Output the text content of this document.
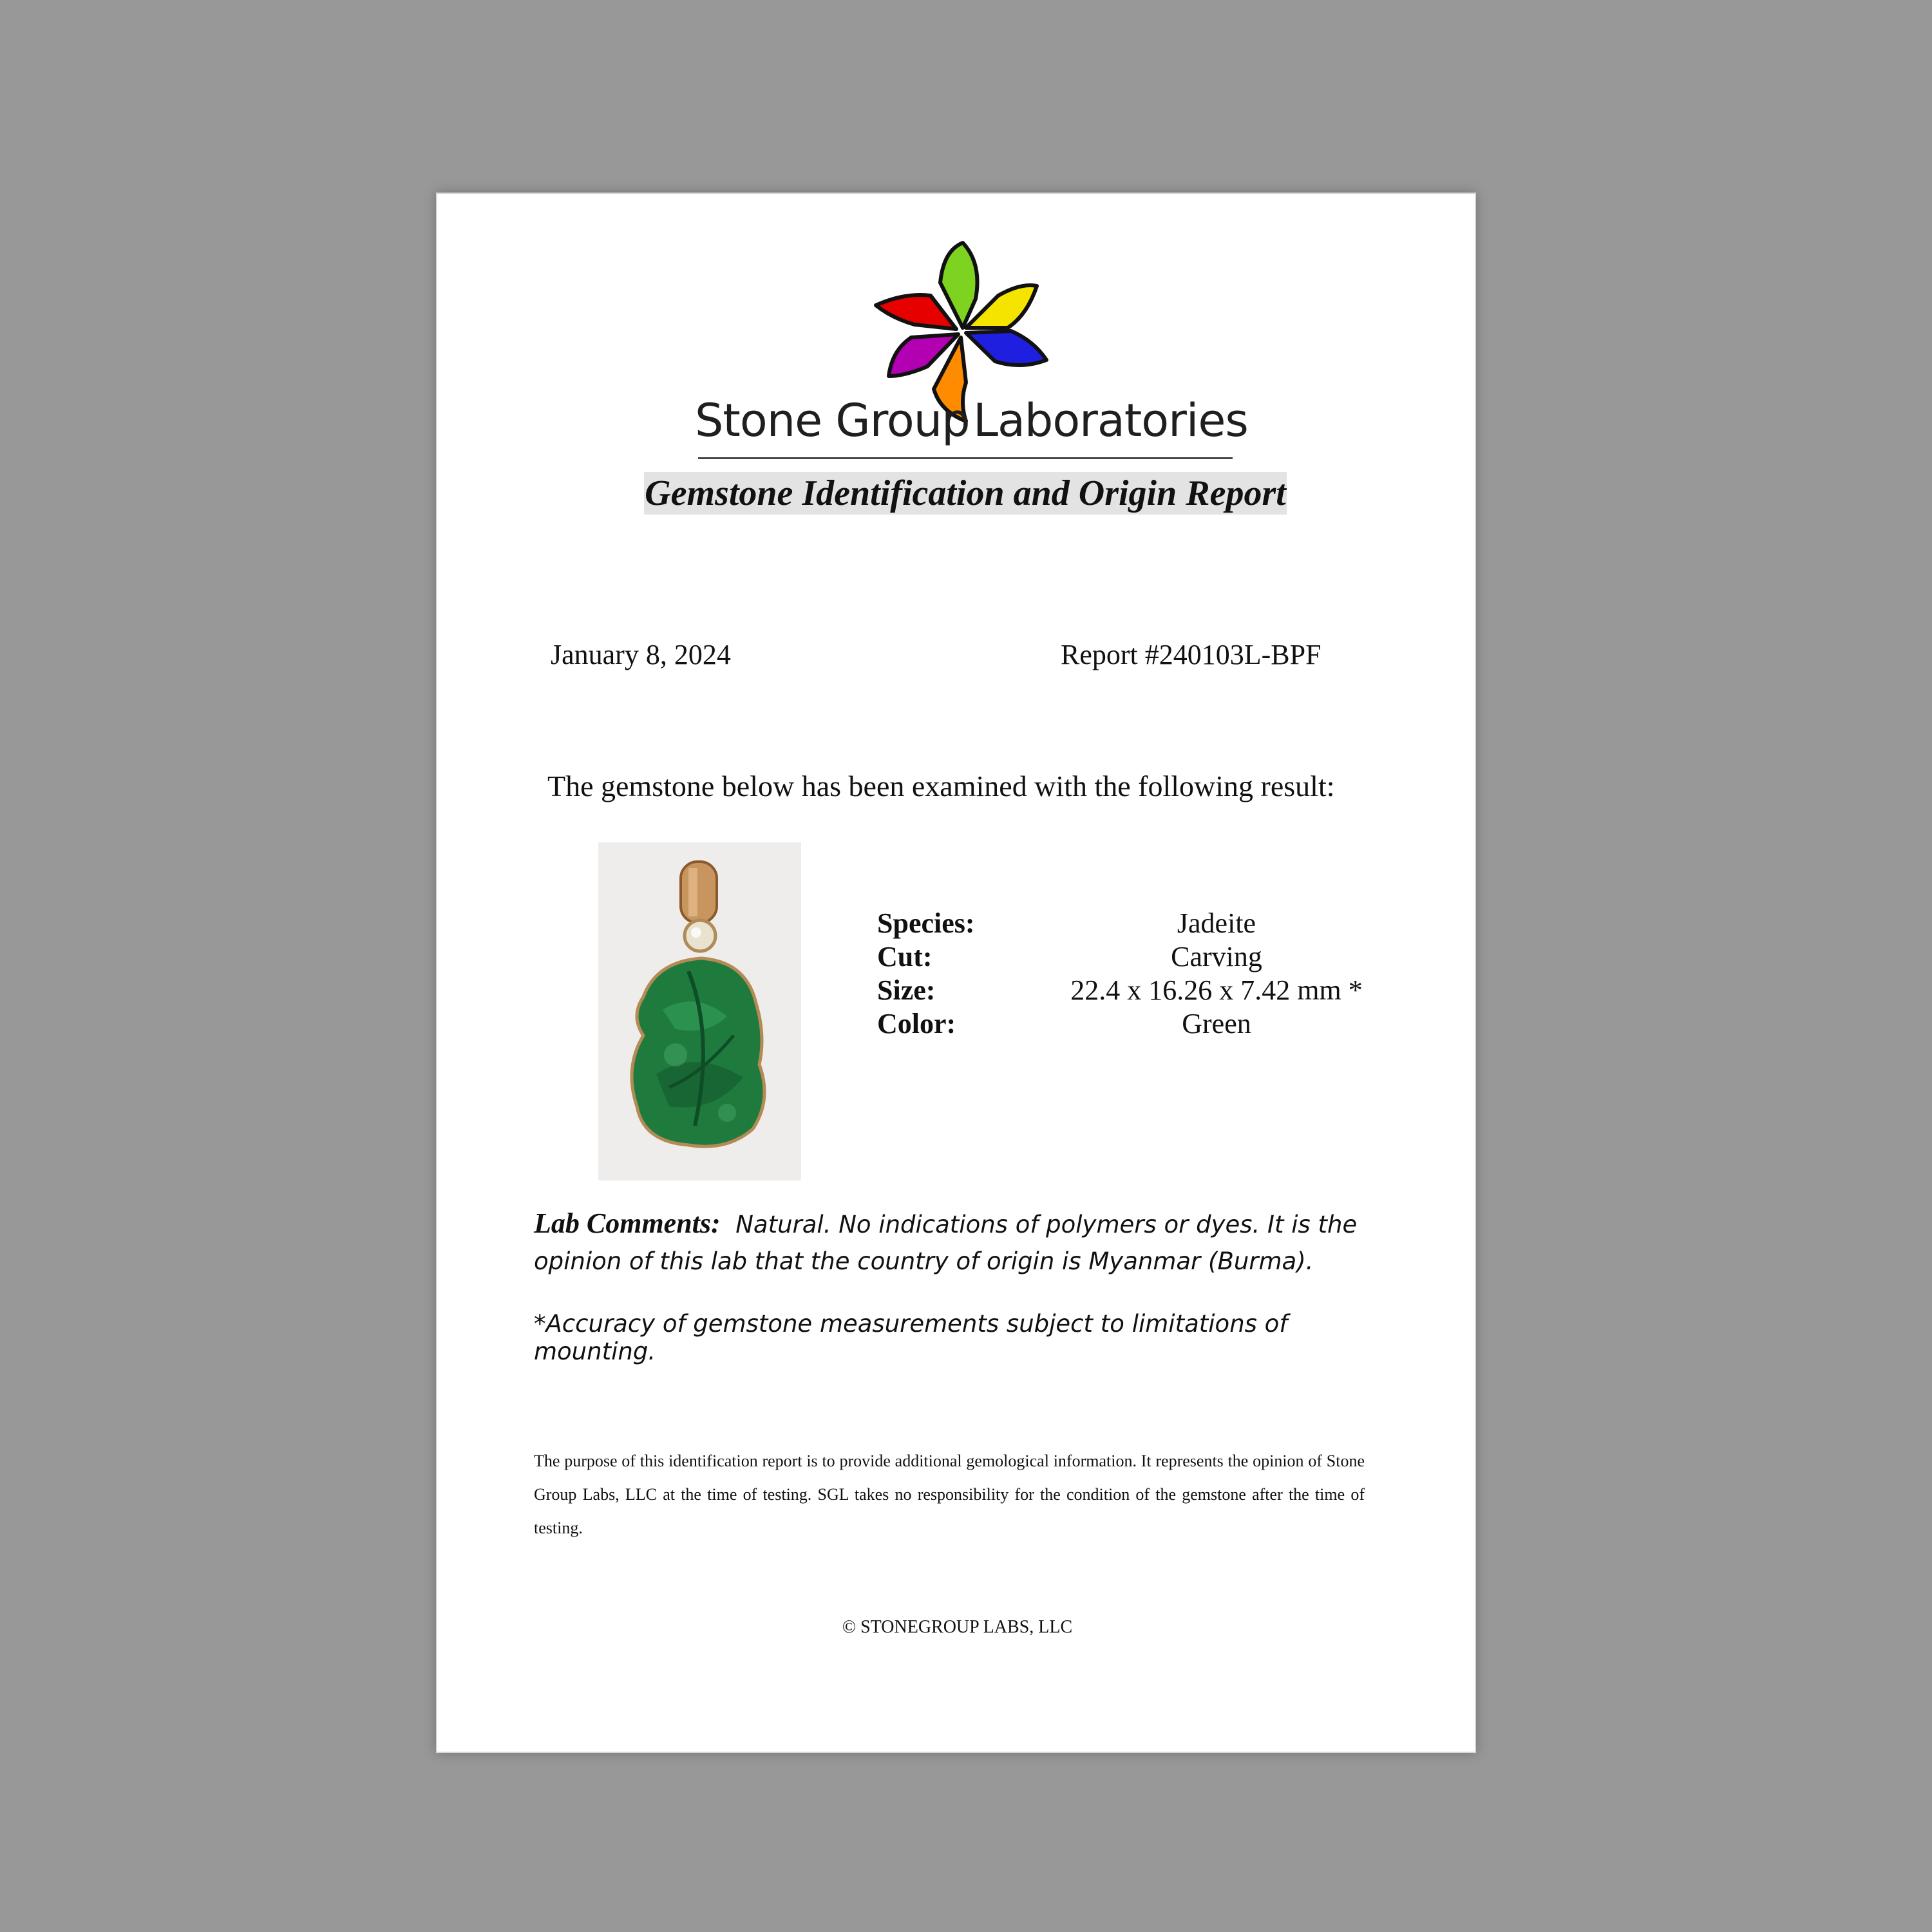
Stone Group Laboratories
Gemstone Identification and Origin Report
January 8, 2024	Report #240103L-BPF
The gemstone below has been examined with the following result:
Species:	Jadeite
Cut:	Carving
Size:	22.4 x 16.26 x 7.42 mm *
Color:	Green
Lab Comments: Natural. No indications of polymers or dyes. It is the opinion of this lab that the country of origin is Myanmar (Burma).
*Accuracy of gemstone measurements subject to limitations of mounting.
The purpose of this identification report is to provide additional gemological information. It represents the opinion of Stone Group Labs, LLC at the time of testing. SGL takes no responsibility for the condition of the gemstone after the time of testing.
© STONEGROUP LABS, LLC
